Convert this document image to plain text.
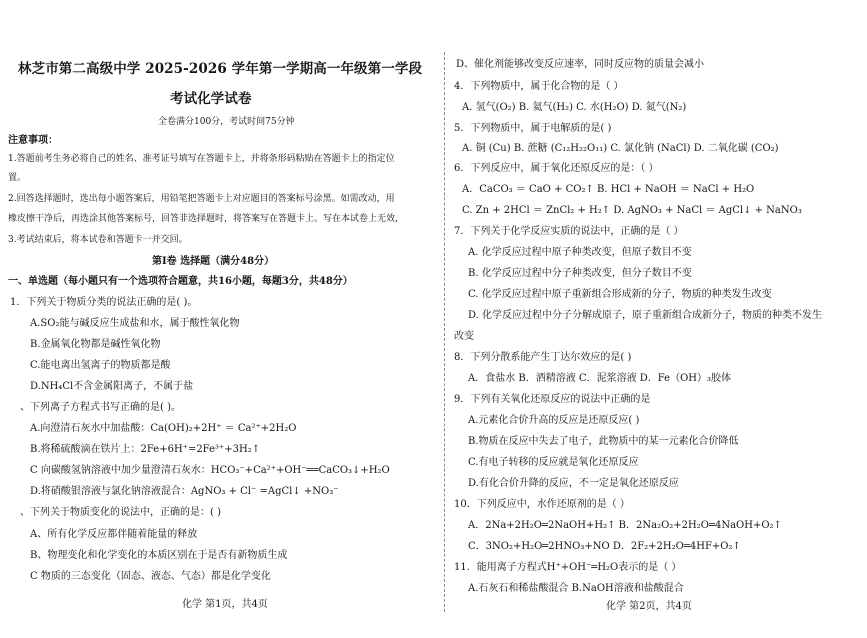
林芝市第二高级中学 2025-2026 学年第一学期高一年级第一学段
考试化学试卷
全卷满分100分，考试时间75分钟
注意事项：
1.答题前考生务必将自己的姓名、准考证号填写在答题卡上，并将条形码粘贴在答题卡上的指定位
置。
2.回答选择题时，选出每小题答案后，用铅笔把答题卡上对应题目的答案标号涂黑。如需改动，用
橡皮擦干净后，再选涂其他答案标号，回答非选择题时，将答案写在答题卡上。写在本试卷上无效，
3.考试结束后，将本试卷和答题卡一并交回。
第Ⅰ卷 选择题（满分48分）
一、单选题（每小题只有一个选项符合题意，共16小题，每题3分，共48分）
1．下列关于物质分类的说法正确的是( )。
A.SO₂能与碱反应生成盐和水，属于酸性氧化物
B.金属氧化物都是碱性氧化物
C.能电离出氢离子的物质都是酸
D.NH₄Cl不含金属阳离子，不属于盐
、下列离子方程式书写正确的是( )。
A.向澄清石灰水中加盐酸：Ca(OH)₂+2H⁺ ＝ Ca²⁺+2H₂O
B.将稀硫酸滴在铁片上：2Fe+6H⁺=2Fe³⁺+3H₂↑
C 向碳酸氢钠溶液中加少量澄清石灰水：HCO₃⁻+Ca²⁺+OH⁻══CaCO₃↓+H₂O
D.将硝酸银溶液与氯化钠溶液混合：AgNO₃ + Cl⁻ =AgCl↓ +NO₃⁻
、下列关于物质变化的说法中，正确的是：( )
A、所有化学反应都伴随着能量的释放
B、物理变化和化学变化的本质区别在于是否有新物质生成
C 物质的三态变化（固态、液态、气态）都是化学变化
化学 第1页，共4页
D、催化剂能够改变反应速率，同时反应物的质量会减小
4．下列物质中，属于化合物的是（ ）
A. 氢气(O₂) B. 氦气(H₂) C. 水(H₂O) D. 氮气(N₂)
5．下列物质中，属于电解质的是( )
A. 铜 (Cu) B. 蔗糖 (C₁₂H₂₂O₁₁) C. 氯化钠 (NaCl) D. 二氧化碳 (CO₂)
6．下列反应中，属于氧化还原反应的是：（ ）
A．CaCO₃ ＝ CaO + CO₂↑ B. HCl + NaOH ＝ NaCl + H₂O
C. Zn + 2HCl ＝ ZnCl₂ + H₂↑ D. AgNO₃ + NaCl ＝ AgCl↓ + NaNO₃
7．下列关于化学反应实质的说法中，正确的是（ ）
A. 化学反应过程中原子种类改变，但原子数目不变
B. 化学反应过程中分子种类改变，但分子数目不变
C. 化学反应过程中原子重新组合形成新的分子，物质的种类发生改变
D. 化学反应过程中分子分解成原子，原子重新组合成新分子，物质的种类不发生
改变
8．下列分散系能产生丁达尔效应的是( )
A．食盐水 B．酒精溶液 C．泥浆溶液 D．Fe（OH）₃胶体
9．下列有关氧化还原反应的说法中正确的是
A.元素化合价升高的反应是还原反应( )
B.物质在反应中失去了电子，此物质中的某一元素化合价降低
C.有电子转移的反应就是氧化还原反应
D.有化合价升降的反应，不一定是氧化还原反应
10．下列反应中，水作还原剂的是（ ）
A．2Na+2H₂O═2NaOH+H₂↑ B．2Na₂O₂+2H₂O═4NaOH+O₂↑
C．3NO₂+H₂O═2HNO₃+NO D．2F₂+2H₂O═4HF+O₂↑
11．能用离子方程式H⁺+OH⁻═H₂O表示的是（ ）
A.石灰石和稀盐酸混合 B.NaOH溶液和盐酸混合
化学 第2页，共4页
